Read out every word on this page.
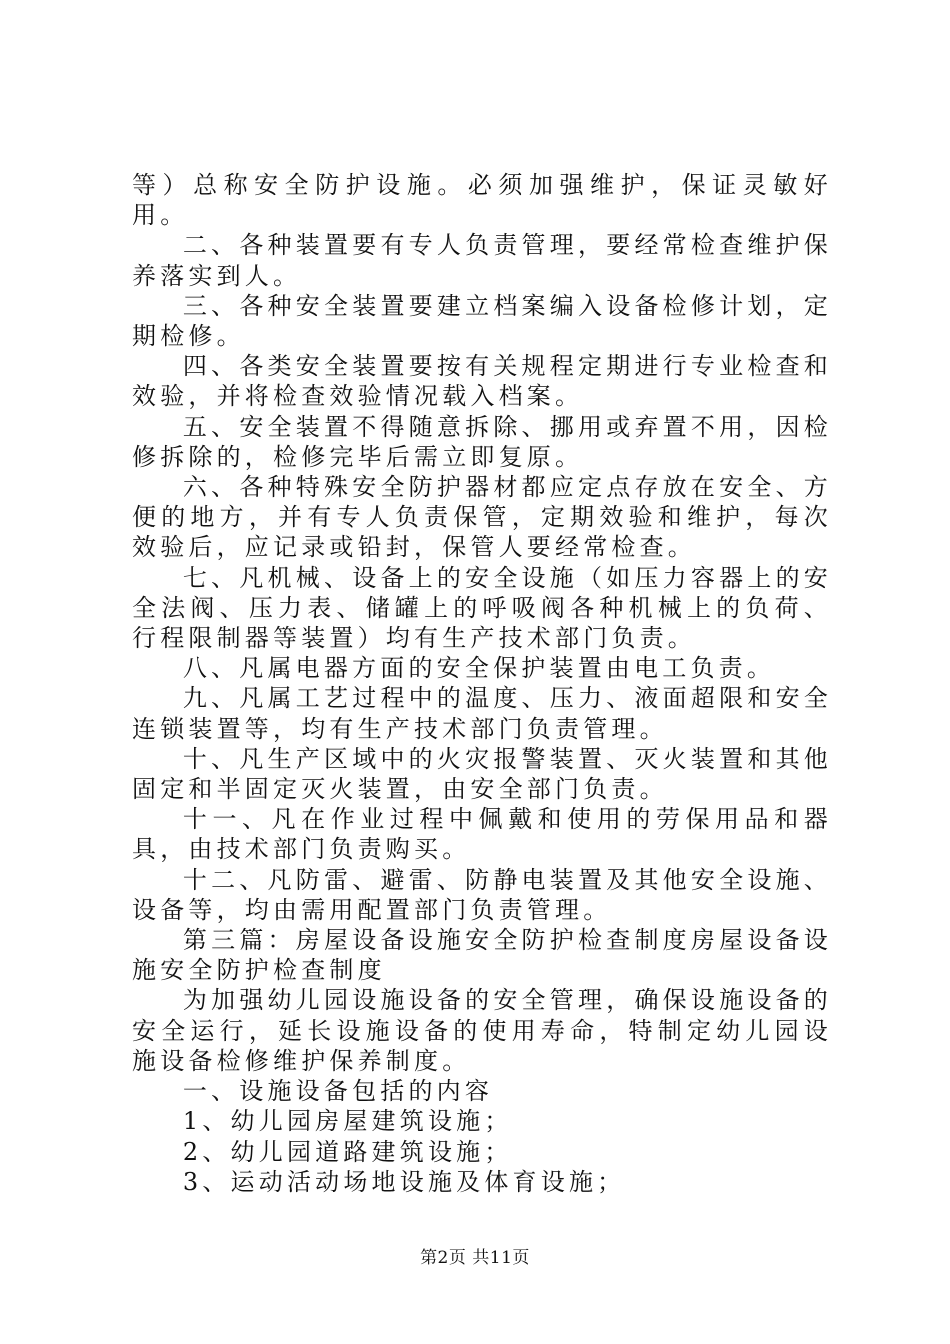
等）总称安全防护设施。必须加强维护，保证灵敏好用。

二、各种装置要有专人负责管理，要经常检查维护保养落实到人。

三、各种安全装置要建立档案编入设备检修计划，定期检修。

四、各类安全装置要按有关规程定期进行专业检查和效验，并将检查效验情况载入档案。

五、安全装置不得随意拆除、挪用或弃置不用，因检修拆除的，检修完毕后需立即复原。

六、各种特殊安全防护器材都应定点存放在安全、方便的地方，并有专人负责保管，定期效验和维护，每次效验后，应记录或铅封，保管人要经常检查。

七、凡机械、设备上的安全设施（如压力容器上的安全法阀、压力表、储罐上的呼吸阀各种机械上的负荷、行程限制器等装置）均有生产技术部门负责。

八、凡属电器方面的安全保护装置由电工负责。

九、凡属工艺过程中的温度、压力、液面超限和安全连锁装置等，均有生产技术部门负责管理。

十、凡生产区域中的火灾报警装置、灭火装置和其他固定和半固定灭火装置，由安全部门负责。

十一、凡在作业过程中佩戴和使用的劳保用品和器具，由技术部门负责购买。

十二、凡防雷、避雷、防静电装置及其他安全设施、设备等，均由需用配置部门负责管理。

第三篇：房屋设备设施安全防护检查制度房屋设备设施安全防护检查制度

为加强幼儿园设施设备的安全管理，确保设施设备的安全运行，延长设施设备的使用寿命，特制定幼儿园设施设备检修维护保养制度。

一、设施设备包括的内容

1、幼儿园房屋建筑设施；

2、幼儿园道路建筑设施；

3、运动活动场地设施及体育设施；

第2页 共11页
